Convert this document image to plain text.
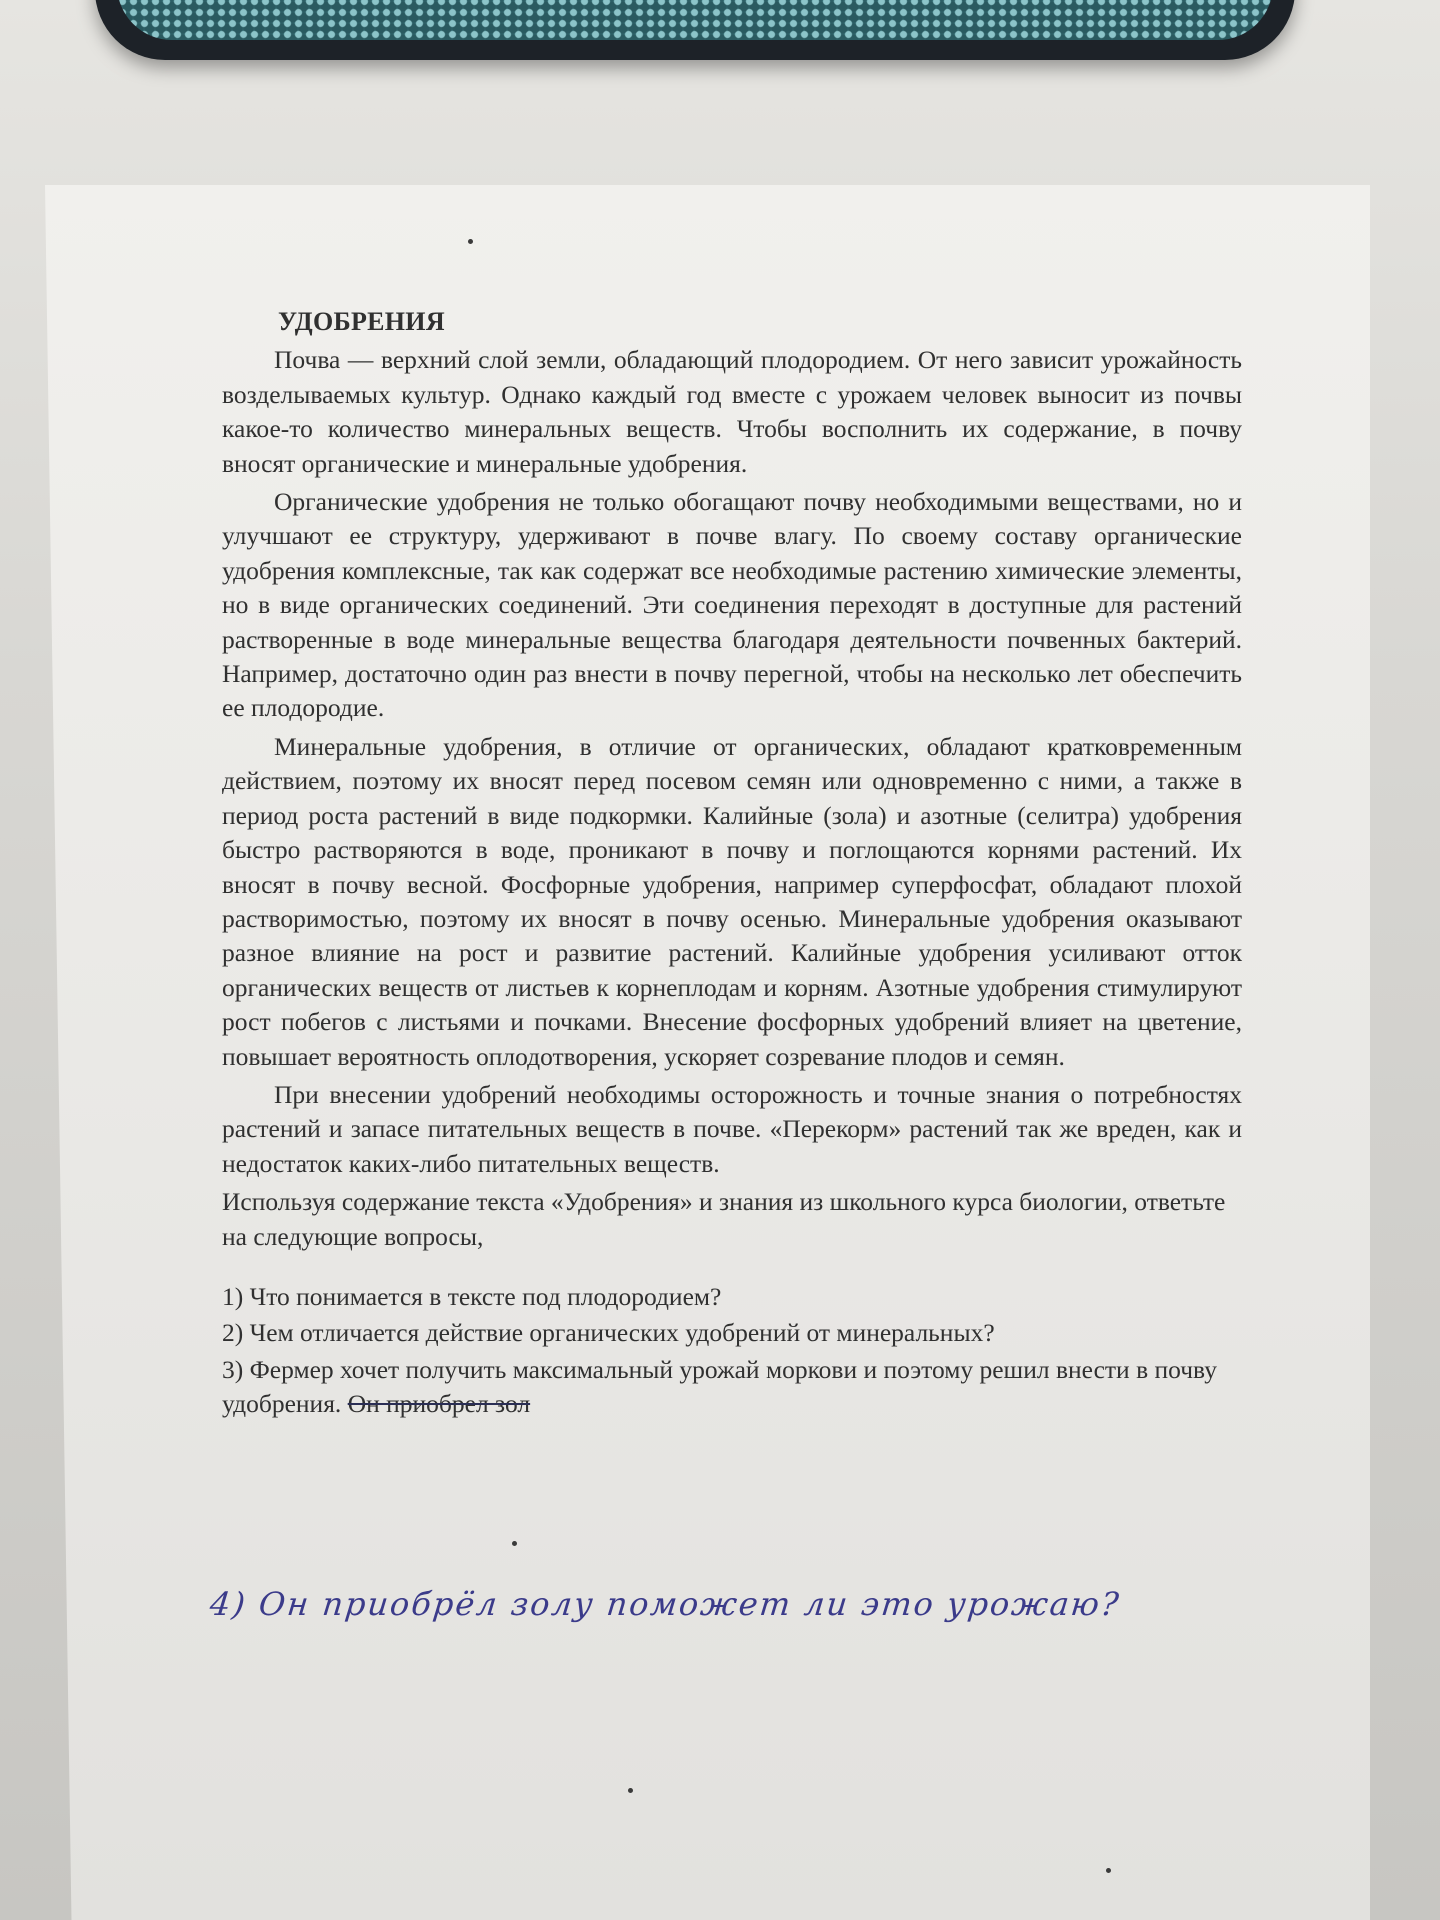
УДОБРЕНИЯ

Почва — верхний слой земли, обладающий плодородием. От него зависит урожайность возделываемых культур. Однако каждый год вместе с урожаем человек выносит из почвы какое-то количество минеральных веществ. Чтобы восполнить их содержание, в почву вносят органические и минеральные удобрения.

Органические удобрения не только обогащают почву необходимыми веществами, но и улучшают ее структуру, удерживают в почве влагу. По своему составу органические удобрения комплексные, так как содержат все необходимые растению химические элементы, но в виде органических соединений. Эти соединения переходят в доступные для растений растворенные в воде минеральные вещества благодаря деятельности почвенных бактерий. Например, достаточно один раз внести в почву перегной, чтобы на несколько лет обеспечить ее плодородие.

Минеральные удобрения, в отличие от органических, обладают кратковременным действием, поэтому их вносят перед посевом семян или одновременно с ними, а также в период роста растений в виде подкормки. Калийные (зола) и азотные (селитра) удобрения быстро растворяются в воде, проникают в почву и поглощаются корнями растений. Их вносят в почву весной. Фосфорные удобрения, например суперфосфат, обладают плохой растворимостью, поэтому их вносят в почву осенью. Минеральные удобрения оказывают разное влияние на рост и развитие растений. Калийные удобрения усиливают отток органических веществ от листьев к корнеплодам и корням. Азотные удобрения стимулируют рост побегов с листьями и почками. Внесение фосфорных удобрений влияет на цветение, повышает вероятность оплодотворения, ускоряет созревание плодов и семян.

При внесении удобрений необходимы осторожность и точные знания о потребностях растений и запасе питательных веществ в почве. «Перекорм» растений так же вреден, как и недостаток каких-либо питательных веществ.

Используя содержание текста «Удобрения» и знания из школьного курса биологии, ответьте на следующие вопросы,

1) Что понимается в тексте под плодородием?

2) Чем отличается действие органических удобрений от минеральных?

3) Фермер хочет получить максимальный урожай моркови и поэтому решил внести в почву удобрения. Он приобрел зол

4) Он приобрёл золу поможет ли это урожаю?
